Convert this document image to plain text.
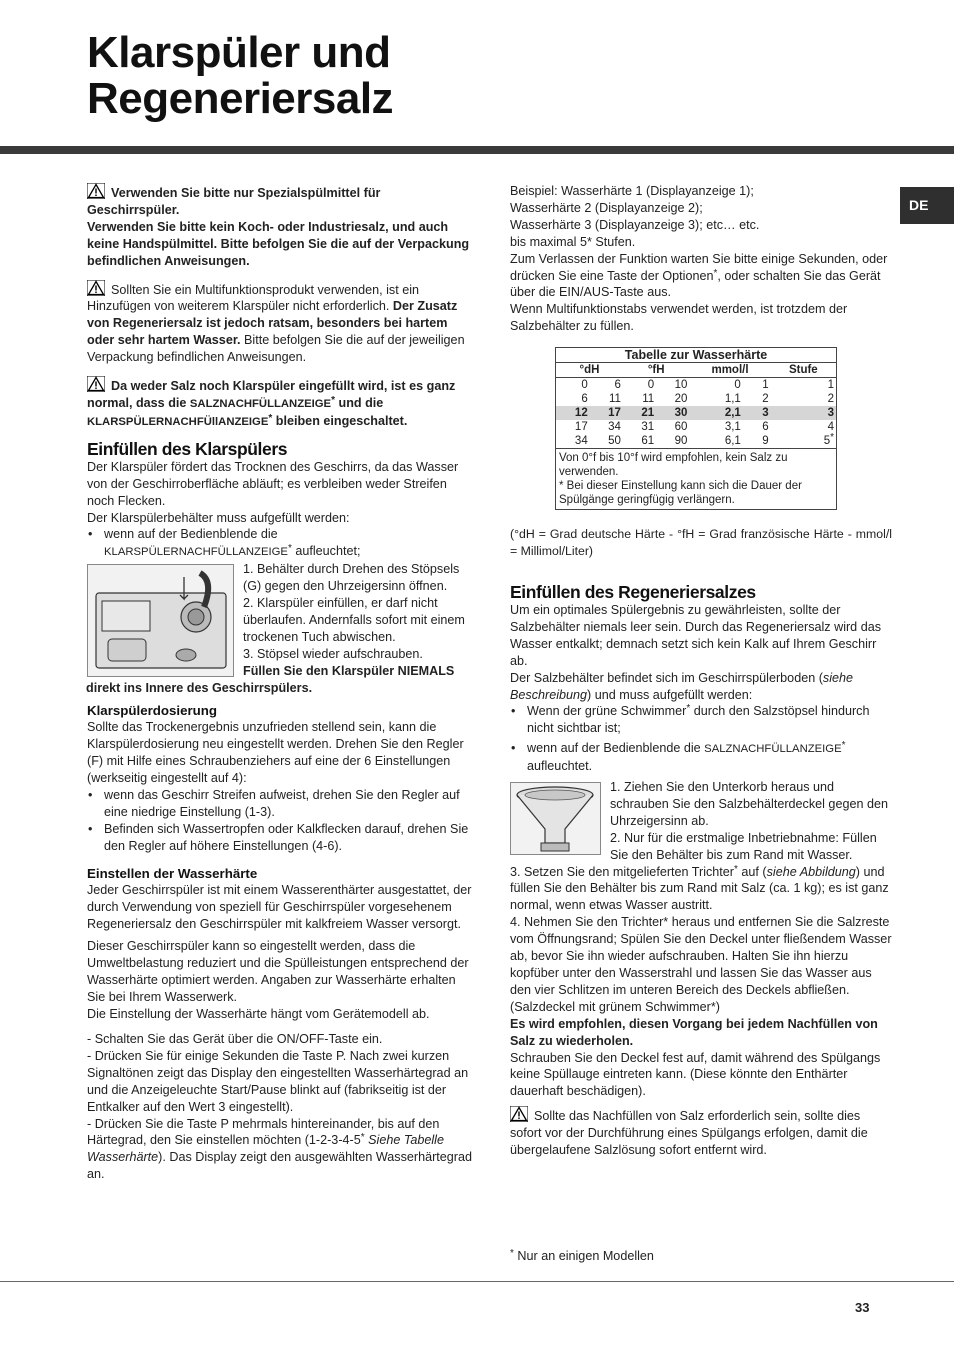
Klarspüler und
Regeneriersalz
DE

Verwenden Sie bitte nur Spezialspülmittel für Geschirrspüler.
Verwenden Sie bitte kein Koch- oder Industriesalz, und auch keine Handspülmittel. Bitte befolgen Sie die auf der Verpackung befindlichen Anweisungen.

Sollten Sie ein Multifunktionsprodukt verwenden, ist ein Hinzufügen von weiterem Klarspüler nicht erforderlich. Der Zusatz von Regeneriersalz ist jedoch ratsam, besonders bei hartem oder sehr hartem Wasser. Bitte befolgen Sie die auf der jeweiligen Verpackung befindlichen Anweisungen.

Da weder Salz noch Klarspüler eingefüllt wird, ist es ganz normal, dass die SALZNACHFÜLLANZEIGE* und die KLARSPÜLERNACHFÜllANZEIGE* bleiben eingeschaltet.

Einfüllen des Klarspülers

Der Klarspüler fördert das Trocknen des Geschirrs, da das Wasser von der Geschirroberfläche abläuft; es verbleiben weder Streifen noch Flecken.

Der Klarspülerbehälter muss aufgefüllt werden:

• wenn auf der Bedienblende die
KLARSPÜLERNACHFÜLLANZEIGE* aufleuchtet;

1. Behälter durch Drehen des Stöpsels (G) gegen den Uhrzeigersinn öffnen.

2. Klarspüler einfüllen, er darf nicht überlaufen. Andernfalls sofort mit einem trockenen Tuch abwischen.

3. Stöpsel wieder aufschrauben.

Füllen Sie den Klarspüler NIEMALS direkt ins Innere des Geschirrspülers.

Klarspülerdosierung

Sollte das Trockenergebnis unzufrieden stellend sein, kann die Klarspülerdosierung neu eingestellt werden. Drehen Sie den Regler (F) mit Hilfe eines Schraubenziehers auf eine der 6 Einstellungen (werkseitig eingestellt auf 4):

• wenn das Geschirr Streifen aufweist, drehen Sie den Regler auf eine niedrige Einstellung (1-3).
• Befinden sich Wassertropfen oder Kalkflecken darauf, drehen Sie den Regler auf höhere Einstellungen (4-6).
Einstellen der Wasserhärte

Jeder Geschirrspüler ist mit einem Wasserenthärter ausgestattet, der durch Verwendung von speziell für Geschirrspüler vorgesehenem Regeneriersalz den Geschirrspüler mit kalkfreiem Wasser versorgt.

Dieser Geschirrspüler kann so eingestellt werden, dass die Umweltbelastung reduziert und die Spülleistungen entsprechend der Wasserhärte optimiert werden. Angaben zur Wasserhärte erhalten Sie bei Ihrem Wasserwerk.

Die Einstellung der Wasserhärte hängt vom Gerätemodell ab.

- Schalten Sie das Gerät über die ON/OFF-Taste ein.

- Drücken Sie für einige Sekunden die Taste P. Nach zwei kurzen Signaltönen zeigt das Display den eingestellten Wasserhärtegrad an und die Anzeigeleuchte Start/Pause blinkt auf (fabrikseitig ist der Entkalker auf den Wert 3 eingestellt).

- Drücken Sie die Taste P mehrmals hintereinander, bis auf den Härtegrad, den Sie einstellen möchten (1-2-3-4-5* Siehe Tabelle Wasserhärte). Das Display zeigt den ausgewählten Wasserhärtegrad an.

Beispiel: Wasserhärte 1 (Displayanzeige 1);

Wasserhärte 2 (Displayanzeige 2);

Wasserhärte 3 (Displayanzeige 3); etc… etc.

bis maximal 5* Stufen.

Zum Verlassen der Funktion warten Sie bitte einige Sekunden, oder drücken Sie eine Taste der Optionen*, oder schalten Sie das Gerät über die EIN/AUS-Taste aus.

Wenn Multifunktionstabs verwendet werden, ist trotzdem der Salzbehälter zu füllen.

Tabelle zur Wasserhärte						
°dH		°fH		mmol/l		Stufe
0	6	0	10	0	1	1
6	11	11	20	1,1	2	2
12	17	21	30	2,1	3	3
17	34	31	60	3,1	6	4
34	50	61	90	6,1	9	5*
Von 0°f bis 10°f wird empfohlen, kein Salz zu verwenden.
* Bei dieser Einstellung kann sich die Dauer der Spülgänge geringfügig verlängern.						

(°dH = Grad deutsche Härte - °fH = Grad französische Härte - mmol/l = Millimol/Liter)

Einfüllen des Regeneriersalzes

Um ein optimales Spülergebnis zu gewährleisten, sollte der Salzbehälter niemals leer sein. Durch das Regeneriersalz wird das Wasser entkalkt; demnach setzt sich kein Kalk auf Ihrem Geschirr ab.

Der Salzbehälter befindet sich im Geschirrspülerboden (siehe Beschreibung) und muss aufgefüllt werden:

• Wenn der grüne Schwimmer* durch den Salzstöpsel hindurch nicht sichtbar ist;
• wenn auf der Bedienblende die SALZNACHFÜLLANZEIGE*
aufleuchtet.

1. Ziehen Sie den Unterkorb heraus und schrauben Sie den Salzbehälterdeckel gegen den Uhrzeigersinn ab.

2. Nur für die erstmalige Inbetriebnahme: Füllen Sie den Behälter bis zum Rand mit Wasser.

3. Setzen Sie den mitgelieferten Trichter* auf (siehe Abbildung) und füllen Sie den Behälter bis zum Rand mit Salz (ca. 1 kg); es ist ganz normal, wenn etwas Wasser austritt.

4. Nehmen Sie den Trichter* heraus und entfernen Sie die Salzreste vom Öffnungsrand; Spülen Sie den Deckel unter fließendem Wasser ab, bevor Sie ihn wieder aufschrauben. Halten Sie ihn hierzu kopfüber unter den Wasserstrahl und lassen Sie das Wasser aus den vier Schlitzen im unteren Bereich des Deckels abfließen. (Salzdeckel mit grünem Schwimmer*)

Es wird empfohlen, diesen Vorgang bei jedem Nachfüllen von Salz zu wiederholen.

Schrauben Sie den Deckel fest auf, damit während des Spülgangs keine Spüllauge eintreten kann. (Diese könnte den Enthärter dauerhaft beschädigen).

Sollte das Nachfüllen von Salz erforderlich sein, sollte dies sofort vor der Durchführung eines Spülgangs erfolgen, damit die übergelaufene Salzlösung sofort entfernt wird.

* Nur an einigen Modellen
33
